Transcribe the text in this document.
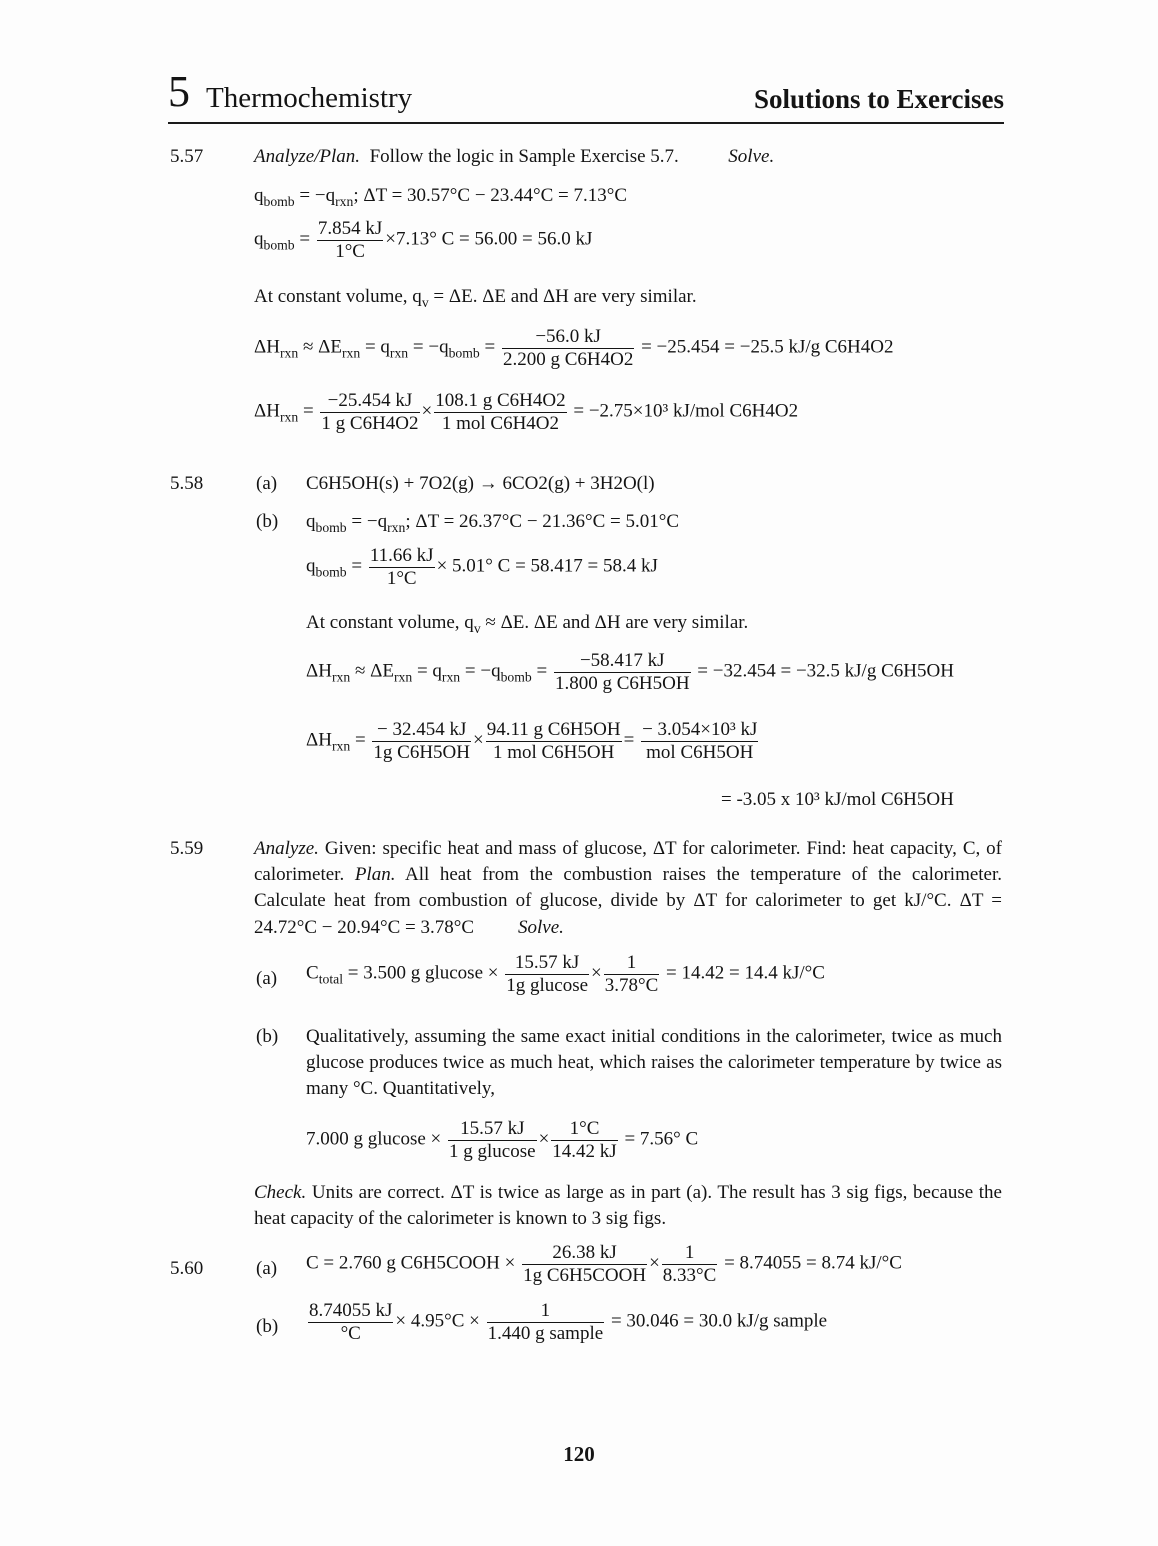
5 Thermochemistry	Solutions to Exercises
5.57	Analyze/Plan. Follow the logic in Sample Exercise 5.7.	Solve.
$q_{bomb} = -q_{rxn}$; ΔT = 30.57°C − 23.44°C = 7.13°C
$q_{bomb} = \frac{7.854 kJ}{1^\circ C} \times 7.13^\circ$ C = 56.00 = 56.0 kJ
At constant volume, $q_v = \Delta E$. ΔE and ΔH are very similar.
$\Delta H_{rxn} \approx \Delta E_{rxn} = q_{rxn} = -q_{bomb} = \frac{-56.0 kJ}{\text{2.200 g C6H4O2}} = -25.454 = -25.5$ kJ/g C6H4O2
$\Delta H_{rxn} = \frac{-25.454 kJ}{\text{1 g C6H4O2}} \times \frac{\text{108.1 g C6H4O2}}{\text{1 mol C6H4O2}} = -2.75\times 10^3$ kJ/mol C6H4O2
5.58	(a) C6H5OH(s) + 7O2(g) → 6CO2(g) + 3H2O(l)
(b) $q_{bomb} = -q_{rxn}$; ΔT = 26.37°C − 21.36°C = 5.01°C
$q_{bomb} = \frac{11.66 kJ}{1^\circ C} \times 5.01^\circ$ C = 58.417 = 58.4 kJ
At constant volume, $q_v \approx \Delta E$. ΔE and ΔH are very similar.
$\Delta H_{rxn} \approx \Delta E_{rxn} = q_{rxn} = -q_{bomb} = \frac{-58.417 kJ}{\text{1.800 g C6H5OH}} = -32.454 = -32.5$ kJ/g C6H5OH
$\Delta H_{rxn} = \frac{- 32.454 kJ}{\text{1g C6H5OH}} \times \frac{\text{94.11 g C6H5OH}}{\text{1 mol C6H5OH}} = \frac{\text{− 3.054×10³ kJ}}{\text{mol C6H5OH}}$
= -3.05 x 10³ kJ/mol C6H5OH
5.59	Analyze. Given: specific heat and mass of glucose, ΔT for calorimeter. Find: heat capacity, C, of calorimeter. Plan. All heat from the combustion raises the temperature of the calorimeter. Calculate heat from combustion of glucose, divide by ΔT for calorimeter to get kJ/°C. ΔT = 24.72°C − 20.94°C = 3.78°C Solve.
(a) $C_{total} = 3.500$ g $glucose \times \frac{15.57 kJ}{\text{1g glucose}} \times \frac{1}{3.78^\circ C} = 14.42 = 14.4$ kJ/°C
(b) Qualitatively, assuming the same exact initial conditions in the calorimeter, twice as much glucose produces twice as much heat, which raises the calorimeter temperature by twice as many °C. Quantitatively,
7.000 g $glucose \times \frac{15.57 kJ}{\text{1 g glucose}} \times \frac{1^\circ C}{14.42 kJ} = 7.56^\circ$ C
Check. Units are correct. ΔT is twice as large as in part (a). The result has 3 sig figs, because the heat capacity of the calorimeter is known to 3 sig figs.
5.60	(a) C = 2.760 g C6H5COOH × $\frac{26.38 kJ}{\text{1g C6H5COOH}} \times \frac{1}{8.33^\circ C} = 8.74055 = 8.74$ kJ/°C
$(b) \frac{8.74055 kJ}{^\circ C} \times 4.95^\circ C \times \frac{1}{\text{1.440 g sample}} = 30.046 = 30.0$ kJ/g sample
120
